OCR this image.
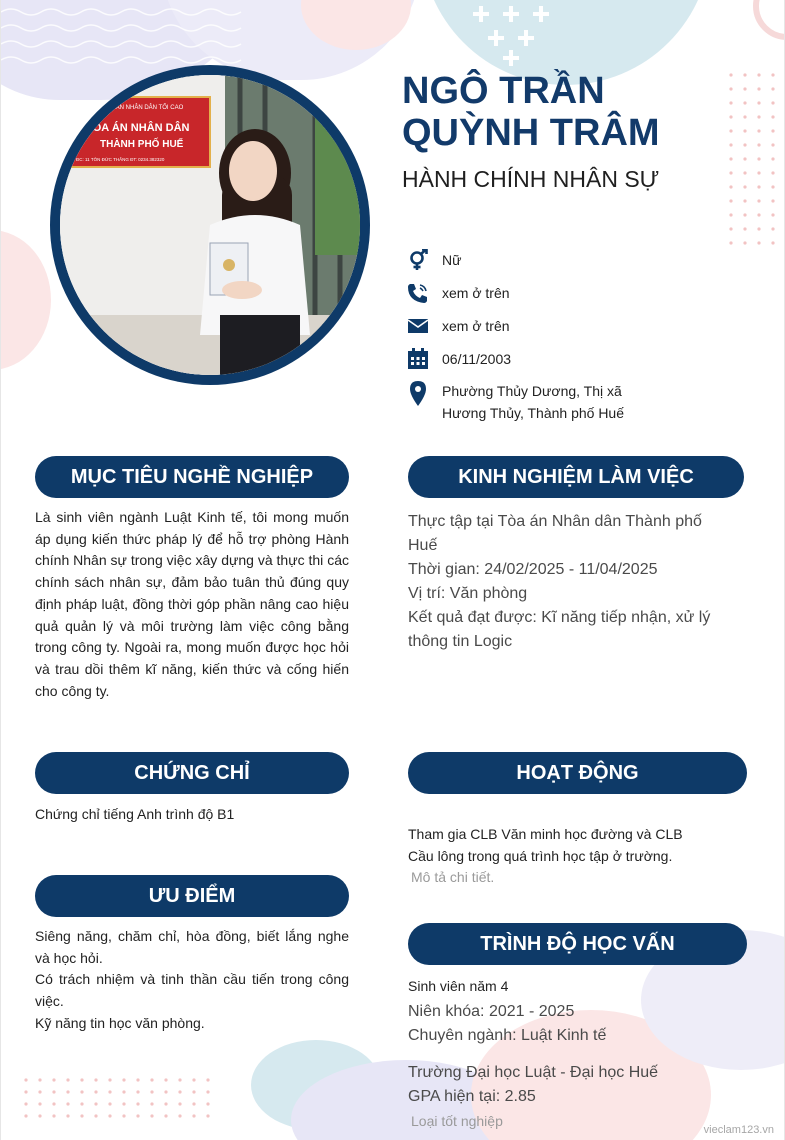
TÒA ÁN NHÂN DÂN TỐI CAO
TÒA ÁN NHÂN DÂN
THÀNH PHỐ HUẾ
ĐC: 11 TÔN ĐỨC THẮNG ĐT: 0234.382320
NGÔ TRẦN
QUỲNH TRÂM
HÀNH CHÍNH NHÂN SỰ
Nữ
xem ở trên
xem ở trên
06/11/2003
Phường Thủy Dương, Thị xã
Hương Thủy, Thành phố Huế
MỤC TIÊU NGHỀ NGHIỆP
Là sinh viên ngành Luật Kinh tế, tôi mong muốn áp dụng kiến thức pháp lý để hỗ trợ phòng Hành chính Nhân sự trong việc xây dựng và thực thi các chính sách nhân sự, đảm bảo tuân thủ đúng quy định pháp luật, đồng thời góp phần nâng cao hiệu quả quản lý và môi trường làm việc công bằng trong công ty. Ngoài ra, mong muốn được học hỏi và trau dồi thêm kĩ năng, kiến thức và cống hiến cho công ty.
KINH NGHIỆM LÀM VIỆC
Thực tập tại Tòa án Nhân dân Thành phố Huế
Thời gian: 24/02/2025 - 11/04/2025
Vị trí: Văn phòng
Kết quả đạt được: Kĩ năng tiếp nhận, xử lý thông tin Logic
CHỨNG CHỈ
Chứng chỉ tiếng Anh trình độ B1
HOẠT ĐỘNG
Tham gia CLB Văn minh học đường và CLB
Cầu lông trong quá trình học tập ở trường.
Mô tả chi tiết.
ƯU ĐIỂM
Siêng năng, chăm chỉ, hòa đồng, biết lắng nghe và học hỏi.
Có trách nhiệm và tinh thần cầu tiến trong công việc.
Kỹ năng tin học văn phòng.
TRÌNH ĐỘ HỌC VẤN
Sinh viên năm 4
Niên khóa: 2021 - 2025
Chuyên ngành: Luật Kinh tế
Trường Đại học Luật - Đại học Huế
GPA hiện tại: 2.85
Loại tốt nghiệp
vieclam123.vn
